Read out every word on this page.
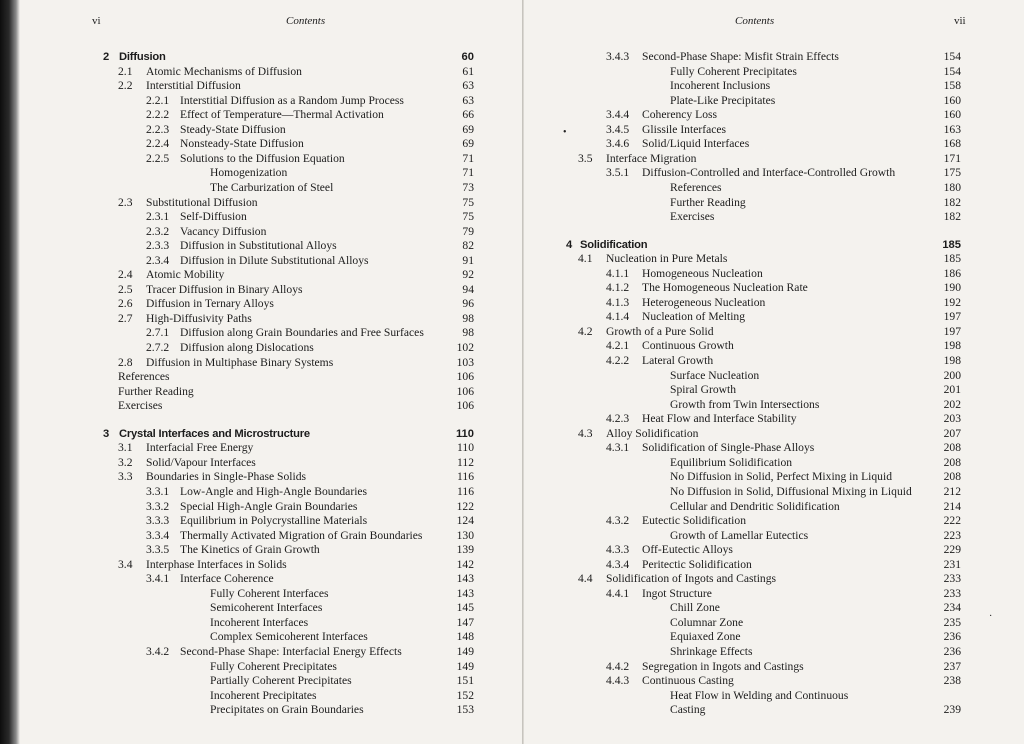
vi	Contents
2 Diffusion	60
2.1 Atomic Mechanisms of Diffusion	61
2.2 Interstitial Diffusion	63
2.2.1 Interstitial Diffusion as a Random Jump Process	63
2.2.2 Effect of Temperature—Thermal Activation	66
2.2.3 Steady-State Diffusion	69
2.2.4 Nonsteady-State Diffusion	69
2.2.5 Solutions to the Diffusion Equation	71
Homogenization	71
The Carburization of Steel	73
2.3 Substitutional Diffusion	75
2.3.1 Self-Diffusion	75
2.3.2 Vacancy Diffusion	79
2.3.3 Diffusion in Substitutional Alloys	82
2.3.4 Diffusion in Dilute Substitutional Alloys	91
2.4 Atomic Mobility	92
2.5 Tracer Diffusion in Binary Alloys	94
2.6 Diffusion in Ternary Alloys	96
2.7 High-Diffusivity Paths	98
2.7.1 Diffusion along Grain Boundaries and Free Surfaces	98
2.7.2 Diffusion along Dislocations	102
2.8 Diffusion in Multiphase Binary Systems	103
References	106
Further Reading	106
Exercises	106
3 Crystal Interfaces and Microstructure	110
3.1 Interfacial Free Energy	110
3.2 Solid/Vapour Interfaces	112
3.3 Boundaries in Single-Phase Solids	116
3.3.1 Low-Angle and High-Angle Boundaries	116
3.3.2 Special High-Angle Grain Boundaries	122
3.3.3 Equilibrium in Polycrystalline Materials	124
3.3.4 Thermally Activated Migration of Grain Boundaries	130
3.3.5 The Kinetics of Grain Growth	139
3.4 Interphase Interfaces in Solids	142
3.4.1 Interface Coherence	143
Fully Coherent Interfaces	143
Semicoherent Interfaces	145
Incoherent Interfaces	147
Complex Semicoherent Interfaces	148
3.4.2 Second-Phase Shape: Interfacial Energy Effects	149
Fully Coherent Precipitates	149
Partially Coherent Precipitates	151
Incoherent Precipitates	152
Precipitates on Grain Boundaries	153
Contents	vii
3.4.3 Second-Phase Shape: Misfit Strain Effects	154
Fully Coherent Precipitates	154
Incoherent Inclusions	158
Plate-Like Precipitates	160
3.4.4 Coherency Loss	160
3.4.5 Glissile Interfaces	163
3.4.6 Solid/Liquid Interfaces	168
3.5 Interface Migration	171
3.5.1 Diffusion-Controlled and Interface-Controlled Growth	175
References	180
Further Reading	182
Exercises	182
4 Solidification	185
4.1 Nucleation in Pure Metals	185
4.1.1 Homogeneous Nucleation	186
4.1.2 The Homogeneous Nucleation Rate	190
4.1.3 Heterogeneous Nucleation	192
4.1.4 Nucleation of Melting	197
4.2 Growth of a Pure Solid	197
4.2.1 Continuous Growth	198
4.2.2 Lateral Growth	198
Surface Nucleation	200
Spiral Growth	201
Growth from Twin Intersections	202
4.2.3 Heat Flow and Interface Stability	203
4.3 Alloy Solidification	207
4.3.1 Solidification of Single-Phase Alloys	208
Equilibrium Solidification	208
No Diffusion in Solid, Perfect Mixing in Liquid	208
No Diffusion in Solid, Diffusional Mixing in Liquid	212
Cellular and Dendritic Solidification	214
4.3.2 Eutectic Solidification	222
Growth of Lamellar Eutectics	223
4.3.3 Off-Eutectic Alloys	229
4.3.4 Peritectic Solidification	231
4.4 Solidification of Ingots and Castings	233
4.4.1 Ingot Structure	233
Chill Zone	234
Columnar Zone	235
Equiaxed Zone	236
Shrinkage Effects	236
4.4.2 Segregation in Ingots and Castings	237
4.4.3 Continuous Casting	238
Heat Flow in Welding and Continuous
Casting	239
•
·
